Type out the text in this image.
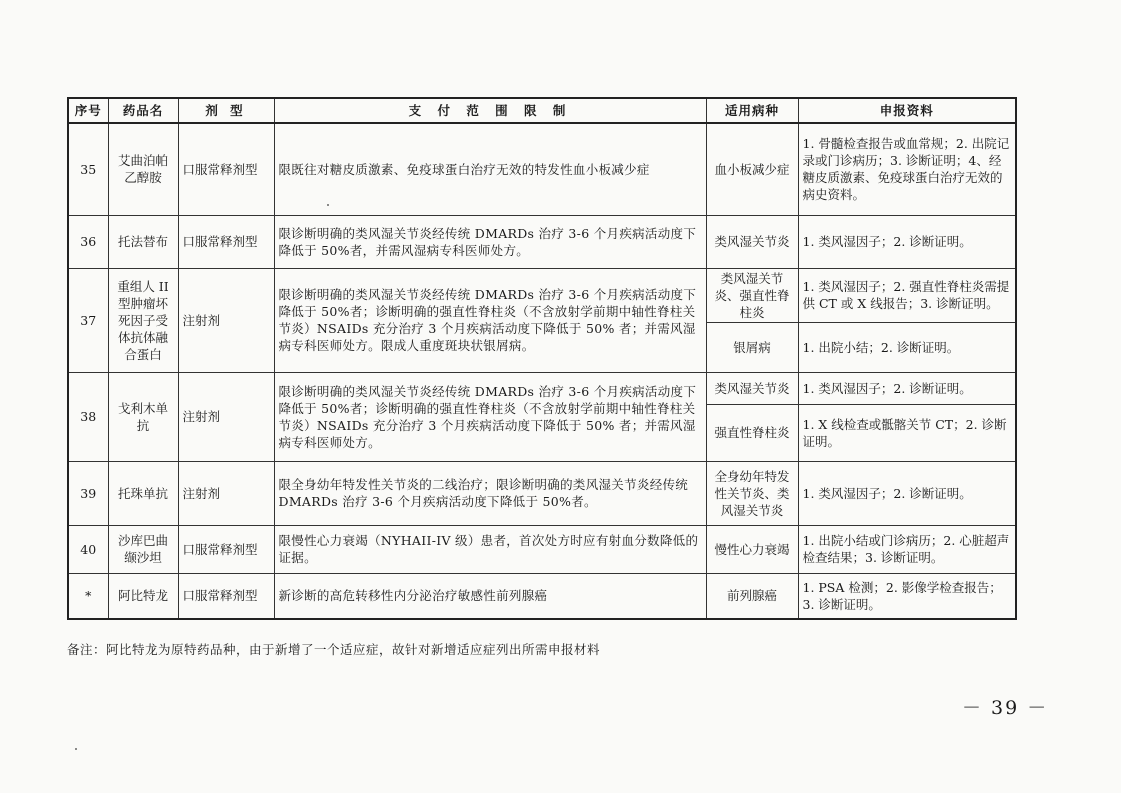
序号	药品名	剂 型	支 付 范 围 限 制	适用病种	申报资料
35	艾曲泊帕乙醇胺	口服常释剂型	限既往对糖皮质激素、免疫球蛋白治疗无效的特发性血小板减少症	血小板减少症	1. 骨髓检查报告或血常规；2. 出院记录或门诊病历；3. 诊断证明；4、经糖皮质激素、免疫球蛋白治疗无效的病史资料。
36	托法替布	口服常释剂型	限诊断明确的类风湿关节炎经传统 DMARDs 治疗 3-6 个月疾病活动度下降低于 50%者，并需风湿病专科医师处方。	类风湿关节炎	1. 类风湿因子；2. 诊断证明。
37	重组人 II 型肿瘤坏死因子受体抗体融合蛋白	注射剂	限诊断明确的类风湿关节炎经传统 DMARDs 治疗 3-6 个月疾病活动度下降低于 50%者；诊断明确的强直性脊柱炎（不含放射学前期中轴性脊柱关节炎）NSAIDs 充分治疗 3 个月疾病活动度下降低于 50% 者；并需风湿病专科医师处方。限成人重度斑块状银屑病。	类风湿关节炎、强直性脊柱炎	1. 类风湿因子；2. 强直性脊柱炎需提供 CT 或 X 线报告；3. 诊断证明。
				银屑病	1. 出院小结；2. 诊断证明。
38	戈利木单抗	注射剂	限诊断明确的类风湿关节炎经传统 DMARDs 治疗 3-6 个月疾病活动度下降低于 50%者；诊断明确的强直性脊柱炎（不含放射学前期中轴性脊柱关节炎）NSAIDs 充分治疗 3 个月疾病活动度下降低于 50% 者；并需风湿病专科医师处方。	类风湿关节炎	1. 类风湿因子；2. 诊断证明。
				强直性脊柱炎	1. X 线检查或骶髂关节 CT；2. 诊断证明。
39	托珠单抗	注射剂	限全身幼年特发性关节炎的二线治疗；限诊断明确的类风湿关节炎经传统 DMARDs 治疗 3-6 个月疾病活动度下降低于 50%者。	全身幼年特发性关节炎、类风湿关节炎	1. 类风湿因子；2. 诊断证明。
40	沙库巴曲缬沙坦	口服常释剂型	限慢性心力衰竭（NYHAII-IV 级）患者，首次处方时应有射血分数降低的证据。	慢性心力衰竭	1. 出院小结或门诊病历；2. 心脏超声检查结果；3. 诊断证明。
*	阿比特龙	口服常释剂型	新诊断的高危转移性内分泌治疗敏感性前列腺癌	前列腺癌	1. PSA 检测；2. 影像学检查报告；3. 诊断证明。
备注：阿比特龙为原特药品种，由于新增了一个适应症，故针对新增适应症列出所需申报材料
－ 39 －
